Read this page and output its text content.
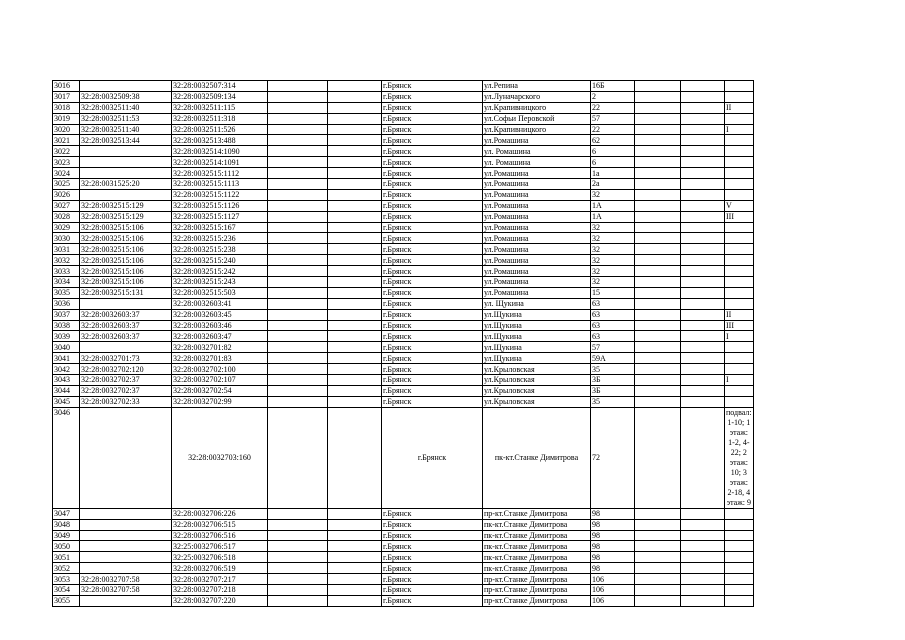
3016		32:28:0032507:314			г.Брянск	ул.Репина	16Б			
3017	32:28:0032509:38	32:28:0032509:134			г.Брянск	ул.Луначарского	2			
3018	32:28:0032511:40	32:28:0032511:115			г.Брянск	ул.Крапивницкого	22			II
3019	32:28:0032511:53	32:28:0032511:318			г.Брянск	ул.Софьи Перовской	57			
3020	32:28:0032511:40	32:28:0032511:526			г.Брянск	ул.Крапивницкого	22			I
3021	32:28:0032513:44	32:28:0032513:488			г.Брянск	ул.Ромашина	62			
3022		32:28:0032514:1090			г.Брянск	ул. Ромашина	6			
3023		32:28:0032514:1091			г.Брянск	ул. Ромашина	6			
3024		32:28:0032515:1112			г.Брянск	ул.Ромашина	1а			
3025	32:28:0031525:20	32:28:0032515:1113			г.Брянск	ул.Ромашина	2а			
3026		32:28:0032515:1122			г.Брянск	ул.Ромашина	32			
3027	32:28:0032515:129	32:28:0032515:1126			г.Брянск	ул.Ромашина	1А			V
3028	32:28:0032515:129	32:28:0032515:1127			г.Брянск	ул.Ромашина	1А			III
3029	32:28:0032515:106	32:28:0032515:167			г.Брянск	ул.Ромашина	32			
3030	32:28:0032515:106	32:28:0032515:236			г.Брянск	ул.Ромашина	32			
3031	32:28:0032515:106	32:28:0032515:238			г.Брянск	ул.Ромашина	32			
3032	32:28:0032515:106	32:28:0032515:240			г.Брянск	ул.Ромашина	32			
3033	32:28:0032515:106	32:28:0032515:242			г.Брянск	ул.Ромашина	32			
3034	32:28:0032515:106	32:28:0032515:243			г.Брянск	ул.Ромашина	32			
3035	32:28:0032515:131	32:28:0032515:503			г.Брянск	ул.Ромашина	15			
3036		32:28:0032603:41			г.Брянск	ул. Щукина	63			
3037	32:28:0032603:37	32:28:0032603:45			г.Брянск	ул.Щукина	63			II
3038	32:28:0032603:37	32:28:0032603:46			г.Брянск	ул.Щукина	63			III
3039	32:28:0032603:37	32:28:0032603:47			г.Брянск	ул.Щукина	63			I
3040		32:28:0032701:82			г.Брянск	ул.Щукина	57			
3041	32:28:0032701:73	32:28:0032701:83			г.Брянск	ул.Щукина	59А			
3042	32:28:0032702:120	32:28:0032702:100			г.Брянск	ул.Крыловская	35			
3043	32:28:0032702:37	32:28:0032702:107			г.Брянск	ул.Крыловская	3Б			I
3044	32:28:0032702:37	32:28:0032702:54			г.Брянск	ул.Крыловская	3Б			
3045	32:28:0032702:33	32:28:0032702:99			г.Брянск	ул.Крыловская	35			
3046		32:28:0032703:160			г.Брянск	пк-кт.Станке Димитрова	72			подвал: 1-10; 1 этаж: 1-2, 4-22; 2 этаж: 10; 3 этаж: 2-18, 4 этаж: 9
3047		32:28:0032706:226			г.Брянск	пр-кт.Станке Димитрова	98			
3048		32:28:0032706:515			г.Брянск	пк-кт.Станке Димитрова	98			
3049		32:28:0032706:516			г.Брянск	пк-кт.Станке Димитрова	98			
3050		32:25:0032706:517			г.Брянск	пк-кт.Станке Димитрова	98			
3051		32:25:0032706:518			г.Брянск	пк-кт.Станке Димитрова	98			
3052		32:28:0032706:519			г.Брянск	пк-кт.Станке Димитрова	98			
3053	32:28:0032707:58	32:28:0032707:217			г.Брянск	пр-кт.Станке Димитрова	106			
3054	32:28:0032707:58	32:28:0032707:218			г.Брянск	пр-кт.Станке Димитрова	106			
3055		32:28:0032707:220			г.Брянск	пр-кт.Станке Димитрова	106			
